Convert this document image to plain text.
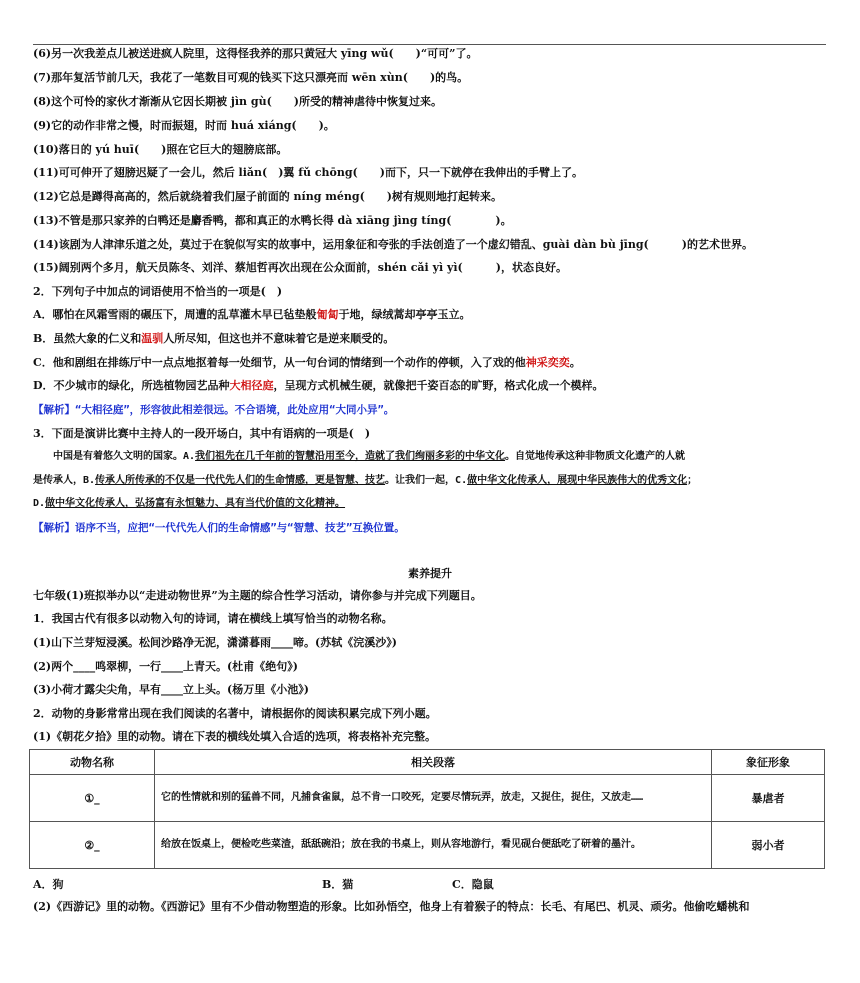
(6)另一次我差点儿被送进疯人院里，这得怪我养的那只黄冠大 yīng wǔ(　　)“可可”了。
(7)那年复活节前几天，我花了一笔数目可观的钱买下这只漂亮而 wēn xùn(　　)的鸟。
(8)这个可怜的家伙才渐渐从它因长期被 jìn gù(　　)所受的精神虐待中恢复过来。
(9)它的动作非常之慢，时而振翅，时而 huá xiáng(　　)。
(10)落日的 yú huī(　　)照在它巨大的翅膀底部。
(11)可可伸开了翅膀迟疑了一会儿，然后 liǎn(　)翼 fǔ chōng(　　)而下，只一下就停在我伸出的手臂上了。
(12)它总是蹲得高高的，然后就绕着我们屋子前面的 níng méng(　　)树有规则地打起转来。
(13)不管是那只家养的白鸭还是麝香鸭，都和真正的水鸭长得 dà xiāng jìng tíng(　　　　)。
(14)该剧为人津津乐道之处，莫过于在貌似写实的故事中，运用象征和夸张的手法创造了一个虚幻错乱、guài dàn bù jīng(　　　)的艺术世界。
(15)阔别两个多月，航天员陈冬、刘洋、蔡旭哲再次出现在公众面前，shén cǎi yì yì(　　　)，状态良好。
2．下列句子中加点的词语使用不恰当的一项是(　)
A．哪怕在风霜雪雨的碾压下，周遭的乱草灌木早已毡垫般匍匐于地，绿绒蒿却亭亭玉立。
B．虽然大象的仁义和温驯人所尽知，但这也并不意味着它是逆来顺受的。
C．他和剧组在排练厅中一点点地抠着每一处细节，从一句台词的情绪到一个动作的停顿，入了戏的他神采奕奕。
D．不少城市的绿化，所选植物园艺品种大相径庭，呈现方式机械生硬，就像把千姿百态的旷野，格式化成一个模样。
【解析】“大相径庭”，形容彼此相差很远。不合语境，此处应用“大同小异”。
3．下面是演讲比赛中主持人的一段开场白，其中有语病的一项是(　)
　　中国是有着悠久文明的国家。A.我们祖先在几千年前的智慧沿用至今，造就了我们绚丽多彩的中华文化。自觉地传承这种非物质文化遗产的人就
是传承人，B.传承人所传承的不仅是一代代先人们的生命情感，更是智慧、技艺。让我们一起，C.做中华文化传承人，展现中华民族伟大的优秀文化；
D.做中华文化传承人，弘扬富有永恒魅力、具有当代价值的文化精神。
【解析】语序不当，应把“一代代先人们的生命情感”与“智慧、技艺”互换位置。
素养提升
七年级(1)班拟举办以“走进动物世界”为主题的综合性学习活动，请你参与并完成下列题目。
1．我国古代有很多以动物入句的诗词，请在横线上填写恰当的动物名称。
(1)山下兰芽短浸溪。松间沙路净无泥，潇潇暮雨____啼。(苏轼《浣溪沙》)
(2)两个____鸣翠柳，一行____上青天。(杜甫《绝句》)
(3)小荷才露尖尖角，早有____立上头。(杨万里《小池》)
2．动物的身影常常出现在我们阅读的名著中，请根据你的阅读积累完成下列小题。
(1)《朝花夕拾》里的动物。请在下表的横线处填入合适的选项，将表格补充完整。
动物名称	相关段落	象征形象
①_	它的性情就和别的猛兽不同，凡捕食雀鼠，总不肯一口咬死，定要尽情玩弄，放走，又捉住，捉住，又放走……	暴虐者
②_	给放在饭桌上，便检吃些菜渣，舐舐碗沿；放在我的书桌上，则从容地游行，看见砚台便舐吃了研着的墨汁。	弱小者
A．狗	B．猫	C．隐鼠
(2)《西游记》里的动物。《西游记》里有不少借动物塑造的形象。比如孙悟空，他身上有着猴子的特点：长毛、有尾巴、机灵、顽劣。他偷吃蟠桃和
